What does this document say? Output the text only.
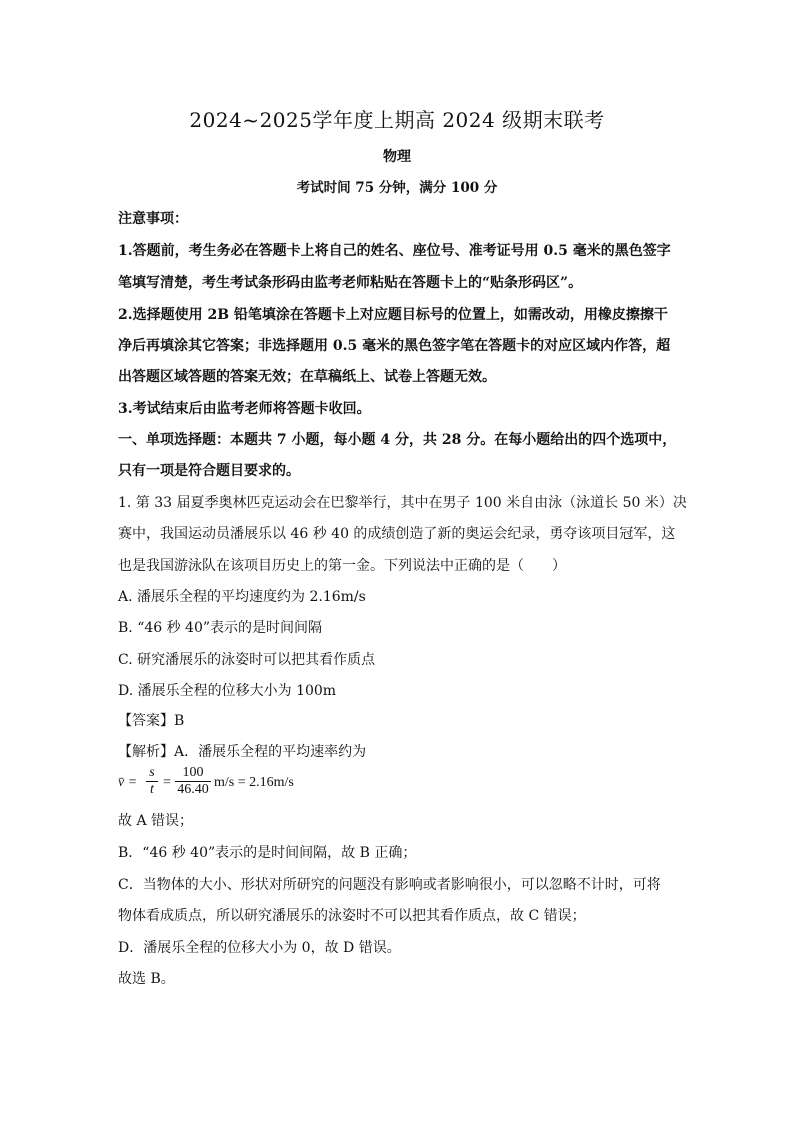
2024~2025学年度上期高 2024 级期末联考
物理
考试时间 75 分钟，满分 100 分
注意事项：
1.答题前，考生务必在答题卡上将自己的姓名、座位号、准考证号用 0.5 毫米的黑色签字
笔填写清楚，考生考试条形码由监考老师粘贴在答题卡上的“贴条形码区”。
2.选择题使用 2B 铅笔填涂在答题卡上对应题目标号的位置上，如需改动，用橡皮擦擦干
净后再填涂其它答案；非选择题用 0.5 毫米的黑色签字笔在答题卡的对应区域内作答，超
出答题区域答题的答案无效；在草稿纸上、试卷上答题无效。
3.考试结束后由监考老师将答题卡收回。
一、单项选择题：本题共 7 小题，每小题 4 分，共 28 分。在每小题给出的四个选项中，
只有一项是符合题目要求的。
1. 第 33 届夏季奥林匹克运动会在巴黎举行，其中在男子 100 米自由泳（泳道长 50 米）决
赛中，我国运动员潘展乐以 46 秒 40 的成绩创造了新的奥运会纪录，勇夺该项目冠军，这
也是我国游泳队在该项目历史上的第一金。下列说法中正确的是（　　）
A. 潘展乐全程的平均速度约为 2.16m/s
B. “46 秒 40”表示的是时间间隔
C. 研究潘展乐的泳姿时可以把其看作质点
D. 潘展乐全程的位移大小为 100m
【答案】B
【解析】A．潘展乐全程的平均速率约为
v̄ = $\frac{s}{t} = \frac{100}{46.40} m/s = 2.16m/s$
故 A 错误；
B．“46 秒 40”表示的是时间间隔，故 B 正确；
C．当物体的大小、形状对所研究的问题没有影响或者影响很小，可以忽略不计时，可将
物体看成质点，所以研究潘展乐的泳姿时不可以把其看作质点，故 C 错误；
D．潘展乐全程的位移大小为 0，故 D 错误。
故选 B。
